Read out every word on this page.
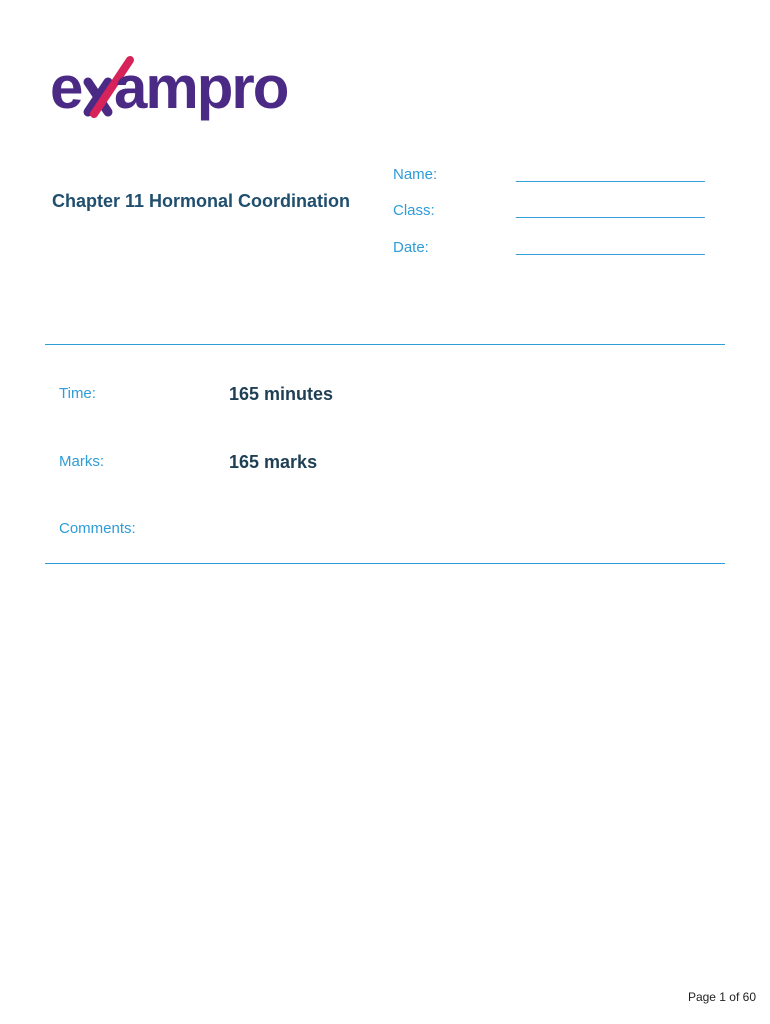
e ampro
Chapter 11 Hormonal Coordination
Name:	________________________
Class:	________________________
Date:	________________________
Time:	165 minutes
Marks:	165 marks
Comments:
Page 1 of 60
